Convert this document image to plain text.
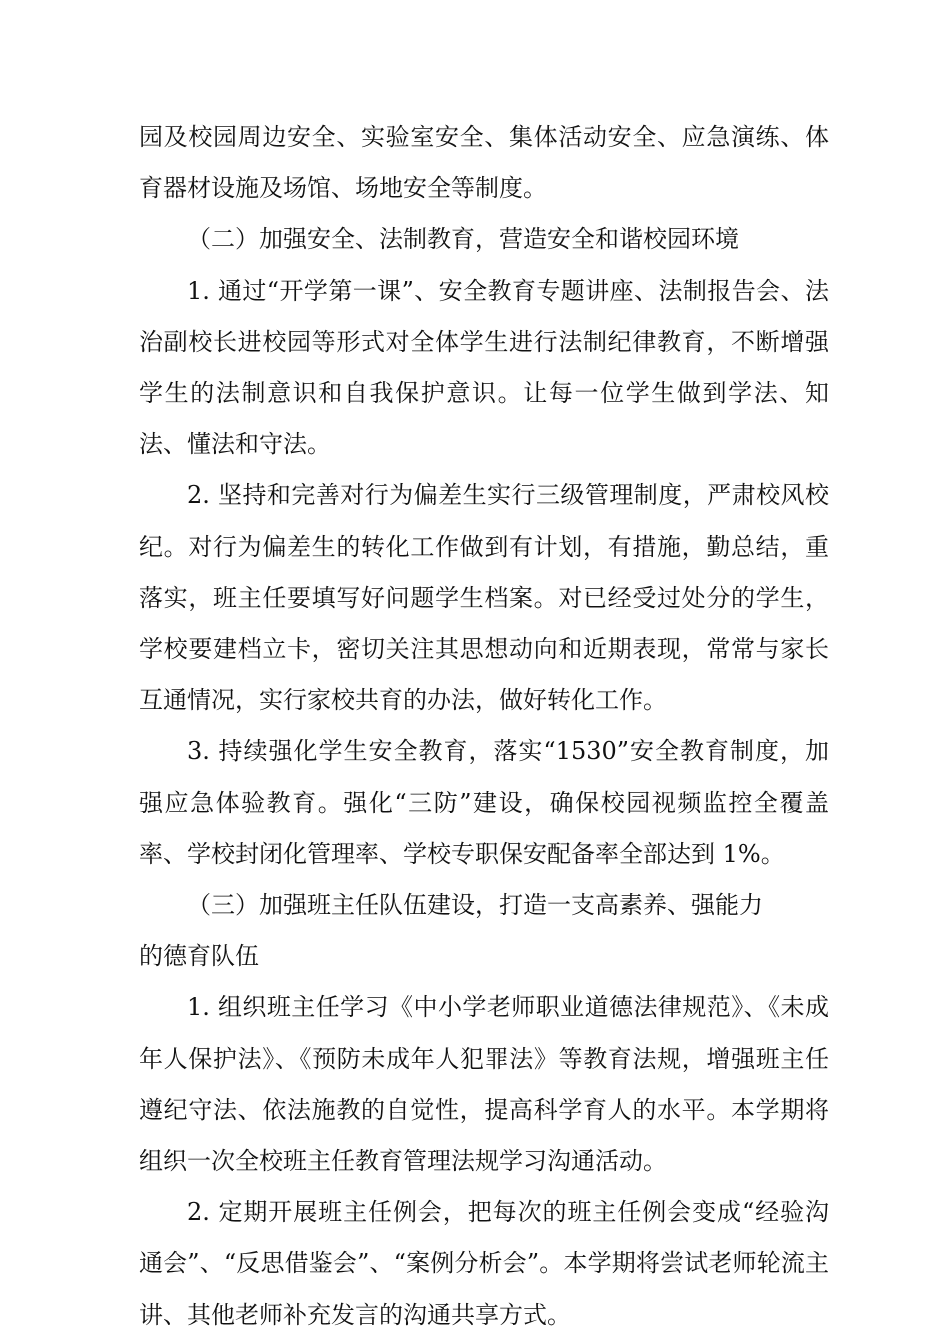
园及校园周边安全、实验室安全、集体活动安全、应急演练、体育器材设施及场馆、场地安全等制度。

（二）加强安全、法制教育，营造安全和谐校园环境

1. 通过“开学第一课”、安全教育专题讲座、法制报告会、法治副校长进校园等形式对全体学生进行法制纪律教育，不断增强学生的法制意识和自我保护意识。让每一位学生做到学法、知法、懂法和守法。

2. 坚持和完善对行为偏差生实行三级管理制度，严肃校风校纪。对行为偏差生的转化工作做到有计划，有措施，勤总结，重落实，班主任要填写好问题学生档案。对已经受过处分的学生，学校要建档立卡，密切关注其思想动向和近期表现，常常与家长互通情况，实行家校共育的办法，做好转化工作。

3. 持续强化学生安全教育，落实“1530”安全教育制度，加强应急体验教育。强化“三防”建设，确保校园视频监控全覆盖率、学校封闭化管理率、学校专职保安配备率全部达到 1%。

（三）加强班主任队伍建设，打造一支高素养、强能力

的德育队伍

1. 组织班主任学习《中小学老师职业道德法律规范》、《未成年人保护法》、《预防未成年人犯罪法》等教育法规，增强班主任遵纪守法、依法施教的自觉性，提高科学育人的水平。本学期将组织一次全校班主任教育管理法规学习沟通活动。

2. 定期开展班主任例会，把每次的班主任例会变成“经验沟通会”、“反思借鉴会”、“案例分析会”。本学期将尝试老师轮流主讲、其他老师补充发言的沟通共享方式。
